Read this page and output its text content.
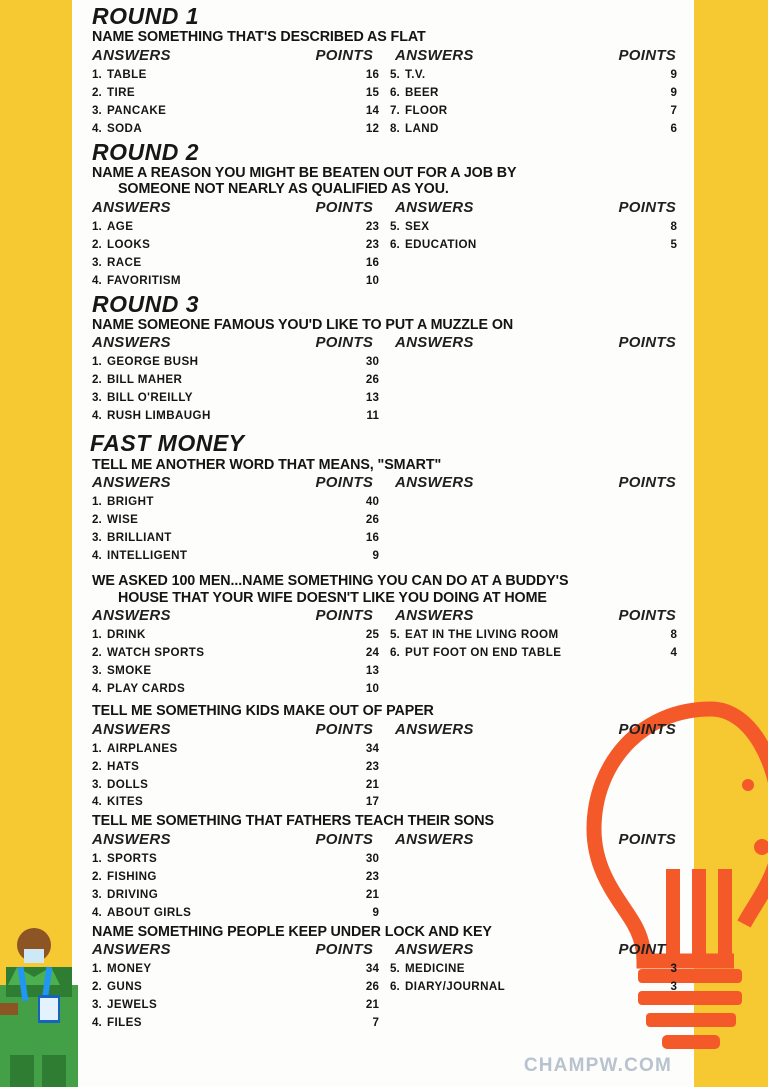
ROUND 1
NAME SOMETHING THAT'S DESCRIBED AS FLAT
ANSWERS	POINTS	ANSWERS	POINTS
1. TABLE	16
2. TIRE	15
3. PANCAKE	14
4. SODA	12
5. T.V.	9
6. BEER	9
7. FLOOR	7
8. LAND	6
ROUND 2
NAME A REASON YOU MIGHT BE BEATEN OUT FOR A JOB BY
SOMEONE NOT NEARLY AS QUALIFIED AS YOU.
ANSWERS	POINTS	ANSWERS	POINTS
1. AGE	23
2. LOOKS	23
3. RACE	16
4. FAVORITISM	10
5. SEX	8
6. EDUCATION	5
ROUND 3
NAME SOMEONE FAMOUS YOU'D LIKE TO PUT A MUZZLE ON
ANSWERS	POINTS	ANSWERS	POINTS
1. GEORGE BUSH	30
2. BILL MAHER	26
3. BILL O'REILLY	13
4. RUSH LIMBAUGH	11
FAST MONEY
TELL ME ANOTHER WORD THAT MEANS, "SMART"
ANSWERS	POINTS	ANSWERS	POINTS
1. BRIGHT	40
2. WISE	26
3. BRILLIANT	16
4. INTELLIGENT	9
WE ASKED 100 MEN...NAME SOMETHING YOU CAN DO AT A BUDDY'S
HOUSE THAT YOUR WIFE DOESN'T LIKE YOU DOING AT HOME
ANSWERS	POINTS	ANSWERS	POINTS
1. DRINK	25
2. WATCH SPORTS	24
3. SMOKE	13
4. PLAY CARDS	10
5. EAT IN THE LIVING ROOM	8
6. PUT FOOT ON END TABLE	4
TELL ME SOMETHING KIDS MAKE OUT OF PAPER
ANSWERS	POINTS	ANSWERS	POINTS
1. AIRPLANES	34
2. HATS	23
3. DOLLS	21
4. KITES	17
TELL ME SOMETHING THAT FATHERS TEACH THEIR SONS
ANSWERS	POINTS	ANSWERS	POINTS
1. SPORTS	30
2. FISHING	23
3. DRIVING	21
4. ABOUT GIRLS	9
NAME SOMETHING PEOPLE KEEP UNDER LOCK AND KEY
ANSWERS	POINTS	ANSWERS	POINT
1. MONEY	34
2. GUNS	26
3. JEWELS	21
4. FILES	7
5. MEDICINE	3
6. DIARY/JOURNAL	3
CHAMPW.COM
